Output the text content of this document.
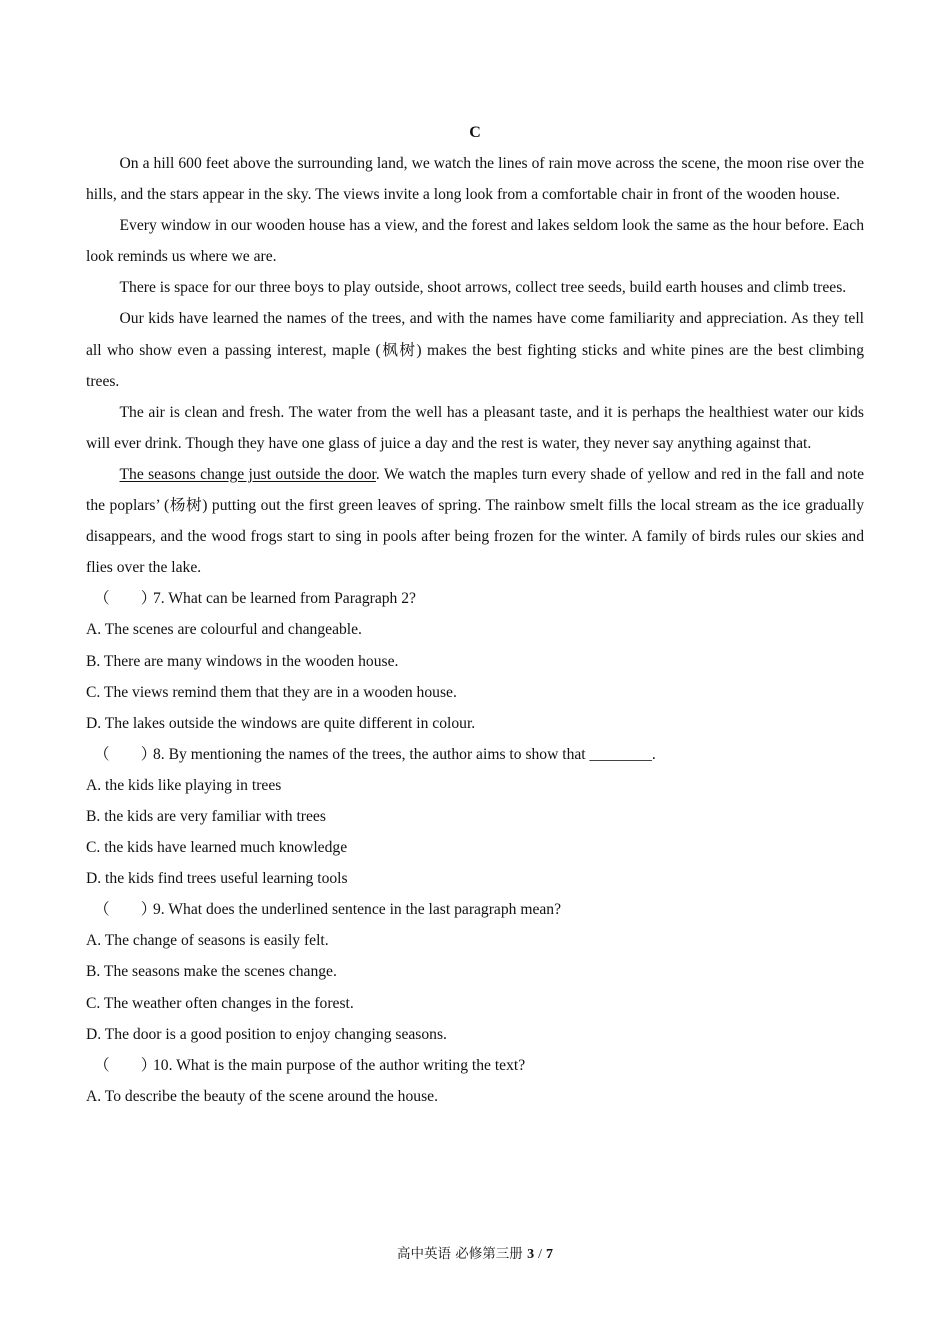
C

On a hill 600 feet above the surrounding land, we watch the lines of rain move across the scene, the moon rise over the hills, and the stars appear in the sky. The views invite a long look from a comfortable chair in front of the wooden house.

Every window in our wooden house has a view, and the forest and lakes seldom look the same as the hour before. Each look reminds us where we are.

There is space for our three boys to play outside, shoot arrows, collect tree seeds, build earth houses and climb trees.

Our kids have learned the names of the trees, and with the names have come familiarity and appreciation. As they tell all who show even a passing interest, maple (枫树) makes the best fighting sticks and white pines are the best climbing trees.

The air is clean and fresh. The water from the well has a pleasant taste, and it is perhaps the healthiest water our kids will ever drink. Though they have one glass of juice a day and the rest is water, they never say anything against that.

The seasons change just outside the door. We watch the maples turn every shade of yellow and red in the fall and note the poplars’ (杨树) putting out the first green leaves of spring. The rainbow smelt fills the local stream as the ice gradually disappears, and the wood frogs start to sing in pools after being frozen for the winter. A family of birds rules our skies and flies over the lake.

（　　）7. What can be learned from Paragraph 2?

A. The scenes are colourful and changeable.

B. There are many windows in the wooden house.

C. The views remind them that they are in a wooden house.

D. The lakes outside the windows are quite different in colour.

（　　）8. By mentioning the names of the trees, the author aims to show that ________.

A. the kids like playing in trees

B. the kids are very familiar with trees

C. the kids have learned much knowledge

D. the kids find trees useful learning tools

（　　）9. What does the underlined sentence in the last paragraph mean?

A. The change of seasons is easily felt.

B. The seasons make the scenes change.

C. The weather often changes in the forest.

D. The door is a good position to enjoy changing seasons.

（　　）10. What is the main purpose of the author writing the text?

A. To describe the beauty of the scene around the house.

高中英语 必修第三册 3 / 7
